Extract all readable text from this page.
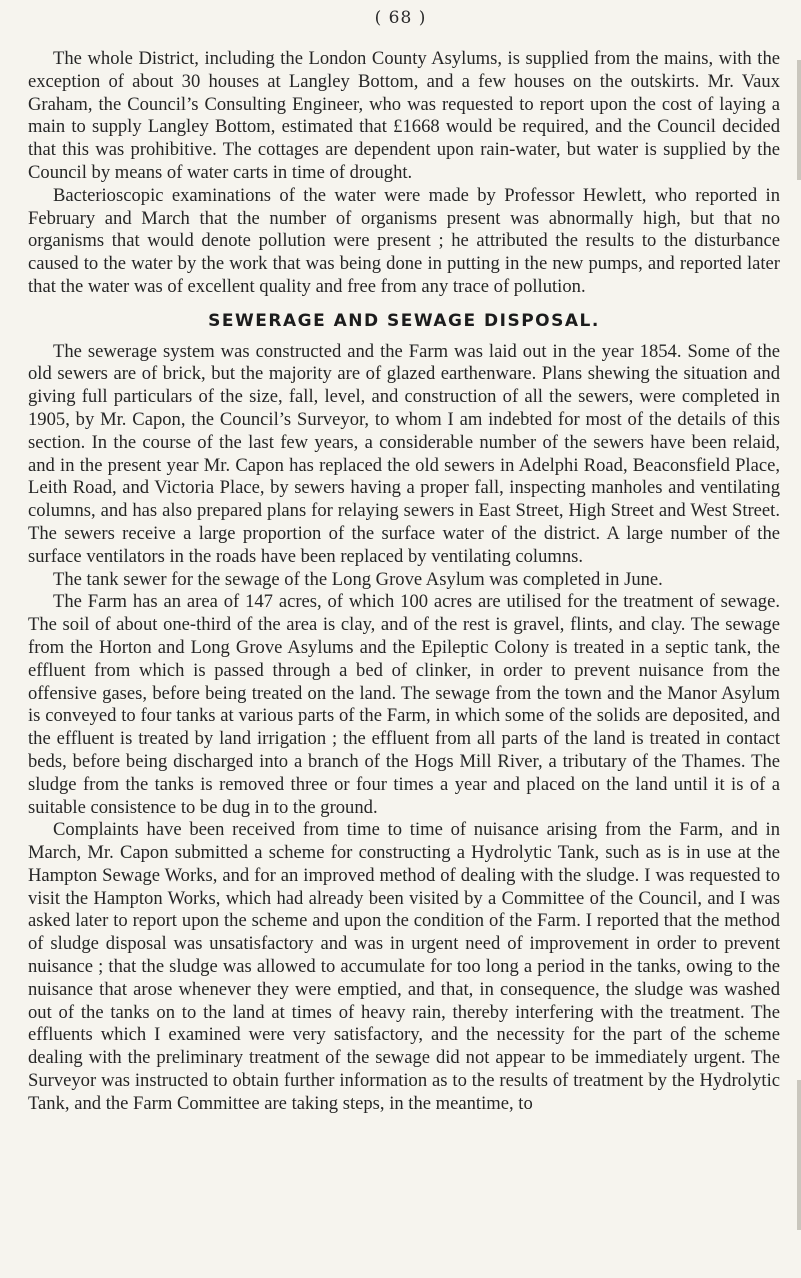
( 68 )

The whole District, including the London County Asylums, is supplied from the mains, with the exception of about 30 houses at Langley Bottom, and a few houses on the outskirts. Mr. Vaux Graham, the Council’s Consulting Engineer, who was requested to report upon the cost of laying a main to supply Langley Bottom, estimated that £1668 would be required, and the Council decided that this was prohibitive. The cottages are dependent upon rain-water, but water is supplied by the Council by means of water carts in time of drought.

Bacterioscopic examinations of the water were made by Professor Hewlett, who reported in February and March that the number of organisms present was abnormally high, but that no organisms that would denote pollution were present ; he attributed the results to the disturbance caused to the water by the work that was being done in putting in the new pumps, and reported later that the water was of excellent quality and free from any trace of pollution.

SEWERAGE AND SEWAGE DISPOSAL.

The sewerage system was constructed and the Farm was laid out in the year 1854. Some of the old sewers are of brick, but the majority are of glazed earthenware. Plans shewing the situation and giving full particulars of the size, fall, level, and construction of all the sewers, were completed in 1905, by Mr. Capon, the Council’s Surveyor, to whom I am indebted for most of the details of this section. In the course of the last few years, a considerable number of the sewers have been relaid, and in the present year Mr. Capon has replaced the old sewers in Adelphi Road, Beaconsfield Place, Leith Road, and Victoria Place, by sewers having a proper fall, inspecting manholes and ventilating columns, and has also prepared plans for relaying sewers in East Street, High Street and West Street. The sewers receive a large proportion of the surface water of the district. A large number of the surface ventilators in the roads have been replaced by ventilating columns.

The tank sewer for the sewage of the Long Grove Asylum was completed in June.

The Farm has an area of 147 acres, of which 100 acres are utilised for the treatment of sewage. The soil of about one-third of the area is clay, and of the rest is gravel, flints, and clay. The sewage from the Horton and Long Grove Asylums and the Epileptic Colony is treated in a septic tank, the effluent from which is passed through a bed of clinker, in order to prevent nuisance from the offensive gases, before being treated on the land. The sewage from the town and the Manor Asylum is conveyed to four tanks at various parts of the Farm, in which some of the solids are deposited, and the effluent is treated by land irrigation ; the effluent from all parts of the land is treated in contact beds, before being discharged into a branch of the Hogs Mill River, a tributary of the Thames. The sludge from the tanks is removed three or four times a year and placed on the land until it is of a suitable consistence to be dug in to the ground.

Complaints have been received from time to time of nuisance arising from the Farm, and in March, Mr. Capon submitted a scheme for constructing a Hydrolytic Tank, such as is in use at the Hampton Sewage Works, and for an improved method of dealing with the sludge. I was requested to visit the Hampton Works, which had already been visited by a Committee of the Council, and I was asked later to report upon the scheme and upon the condition of the Farm. I reported that the method of sludge disposal was unsatisfactory and was in urgent need of improvement in order to prevent nuisance ; that the sludge was allowed to accumulate for too long a period in the tanks, owing to the nuisance that arose whenever they were emptied, and that, in consequence, the sludge was washed out of the tanks on to the land at times of heavy rain, thereby interfering with the treatment. The effluents which I examined were very satisfactory, and the necessity for the part of the scheme dealing with the preliminary treatment of the sewage did not appear to be immediately urgent. The Surveyor was instructed to obtain further information as to the results of treatment by the Hydrolytic Tank, and the Farm Committee are taking steps, in the meantime, to
